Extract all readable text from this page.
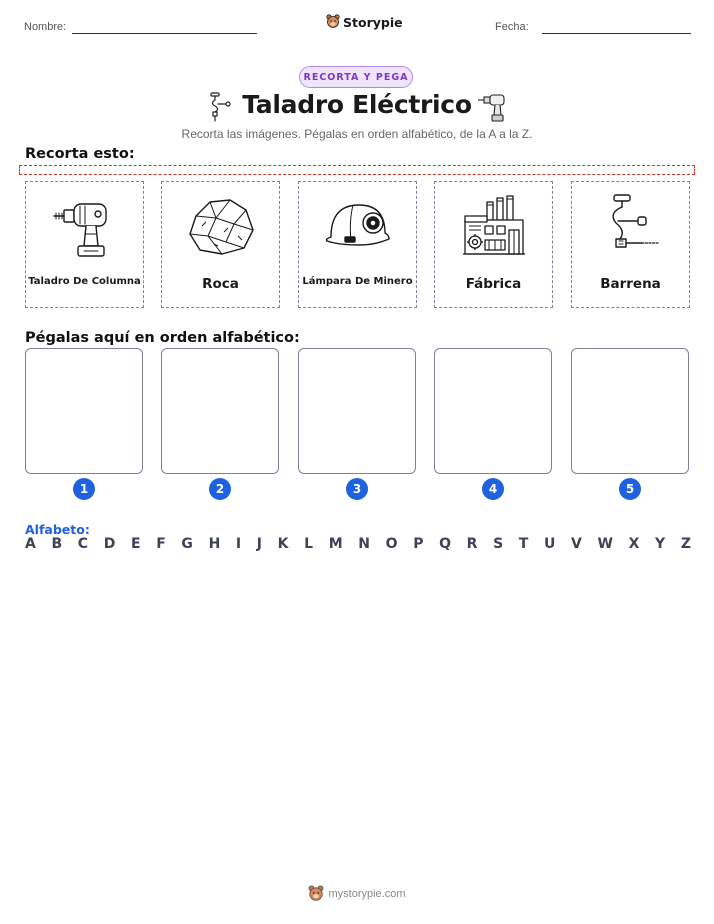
Nombre:	Storypie	Fecha:
RECORTA Y PEGA
Taladro Eléctrico
Recorta las imágenes. Pégalas en orden alfabético, de la A a la Z.
Recorta esto:
Taladro De Columna	Roca	Lámpara De Minero	Fábrica	Barrena
Pégalas aquí en orden alfabético:
1	2	3	4	5
Alfabeto:
A B C D E F G H I J K L M N O P Q R S T U V W X Y Z
mystorypie.com
